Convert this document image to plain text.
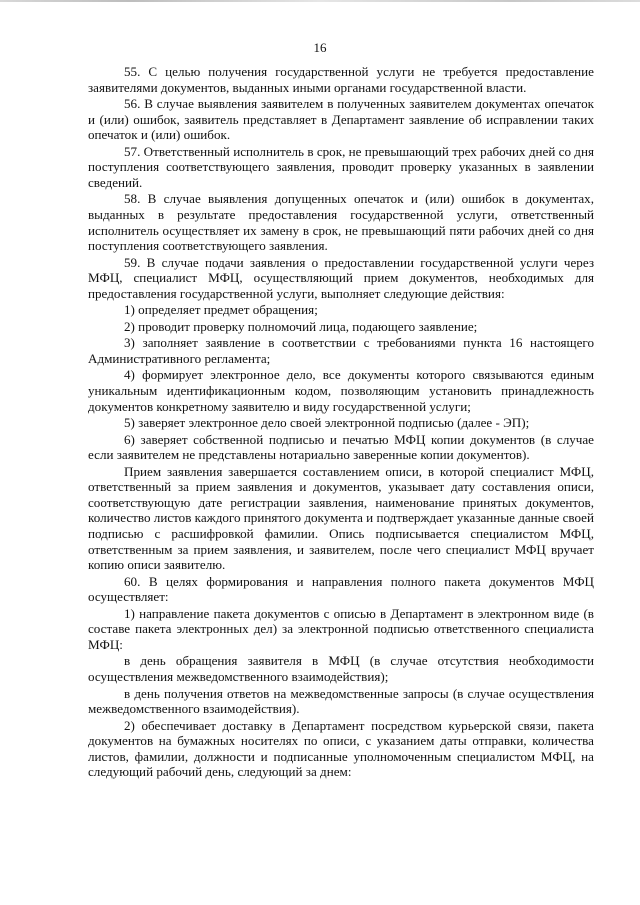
16

55. С целью получения государственной услуги не требуется предоставление заявителями документов, выданных иными органами государственной власти.

56. В случае выявления заявителем в полученных заявителем документах опечаток и (или) ошибок, заявитель представляет в Департамент заявление об исправлении таких опечаток и (или) ошибок.

57. Ответственный исполнитель в срок, не превышающий трех рабочих дней со дня поступления соответствующего заявления, проводит проверку указанных в заявлении сведений.

58. В случае выявления допущенных опечаток и (или) ошибок в документах, выданных в результате предоставления государственной услуги, ответственный исполнитель осуществляет их замену в срок, не превышающий пяти рабочих дней со дня поступления соответствующего заявления.

59. В случае подачи заявления о предоставлении государственной услуги через МФЦ, специалист МФЦ, осуществляющий прием документов, необходимых для предоставления государственной услуги, выполняет следующие действия:

1) определяет предмет обращения;

2) проводит проверку полномочий лица, подающего заявление;

3) заполняет заявление в соответствии с требованиями пункта 16 настоящего Административного регламента;

4) формирует электронное дело, все документы которого связываются единым уникальным идентификационным кодом, позволяющим установить принадлежность документов конкретному заявителю и виду государственной услуги;

5) заверяет электронное дело своей электронной подписью (далее - ЭП);

6) заверяет собственной подписью и печатью МФЦ копии документов (в случае если заявителем не представлены нотариально заверенные копии документов).

Прием заявления завершается составлением описи, в которой специалист МФЦ, ответственный за прием заявления и документов, указывает дату составления описи, соответствующую дате регистрации заявления, наименование принятых документов, количество листов каждого принятого документа и подтверждает указанные данные своей подписью с расшифровкой фамилии. Опись подписывается специалистом МФЦ, ответственным за прием заявления, и заявителем, после чего специалист МФЦ вручает копию описи заявителю.

60. В целях формирования и направления полного пакета документов МФЦ осуществляет:

1) направление пакета документов с описью в Департамент в электронном виде (в составе пакета электронных дел) за электронной подписью ответственного специалиста МФЦ:

в день обращения заявителя в МФЦ (в случае отсутствия необходимости осуществления межведомственного взаимодействия);

в день получения ответов на межведомственные запросы (в случае осуществления межведомственного взаимодействия).

2) обеспечивает доставку в Департамент посредством курьерской связи, пакета документов на бумажных носителях по описи, с указанием даты отправки, количества листов, фамилии, должности и подписанные уполномоченным специалистом МФЦ, на следующий рабочий день, следующий за днем:
